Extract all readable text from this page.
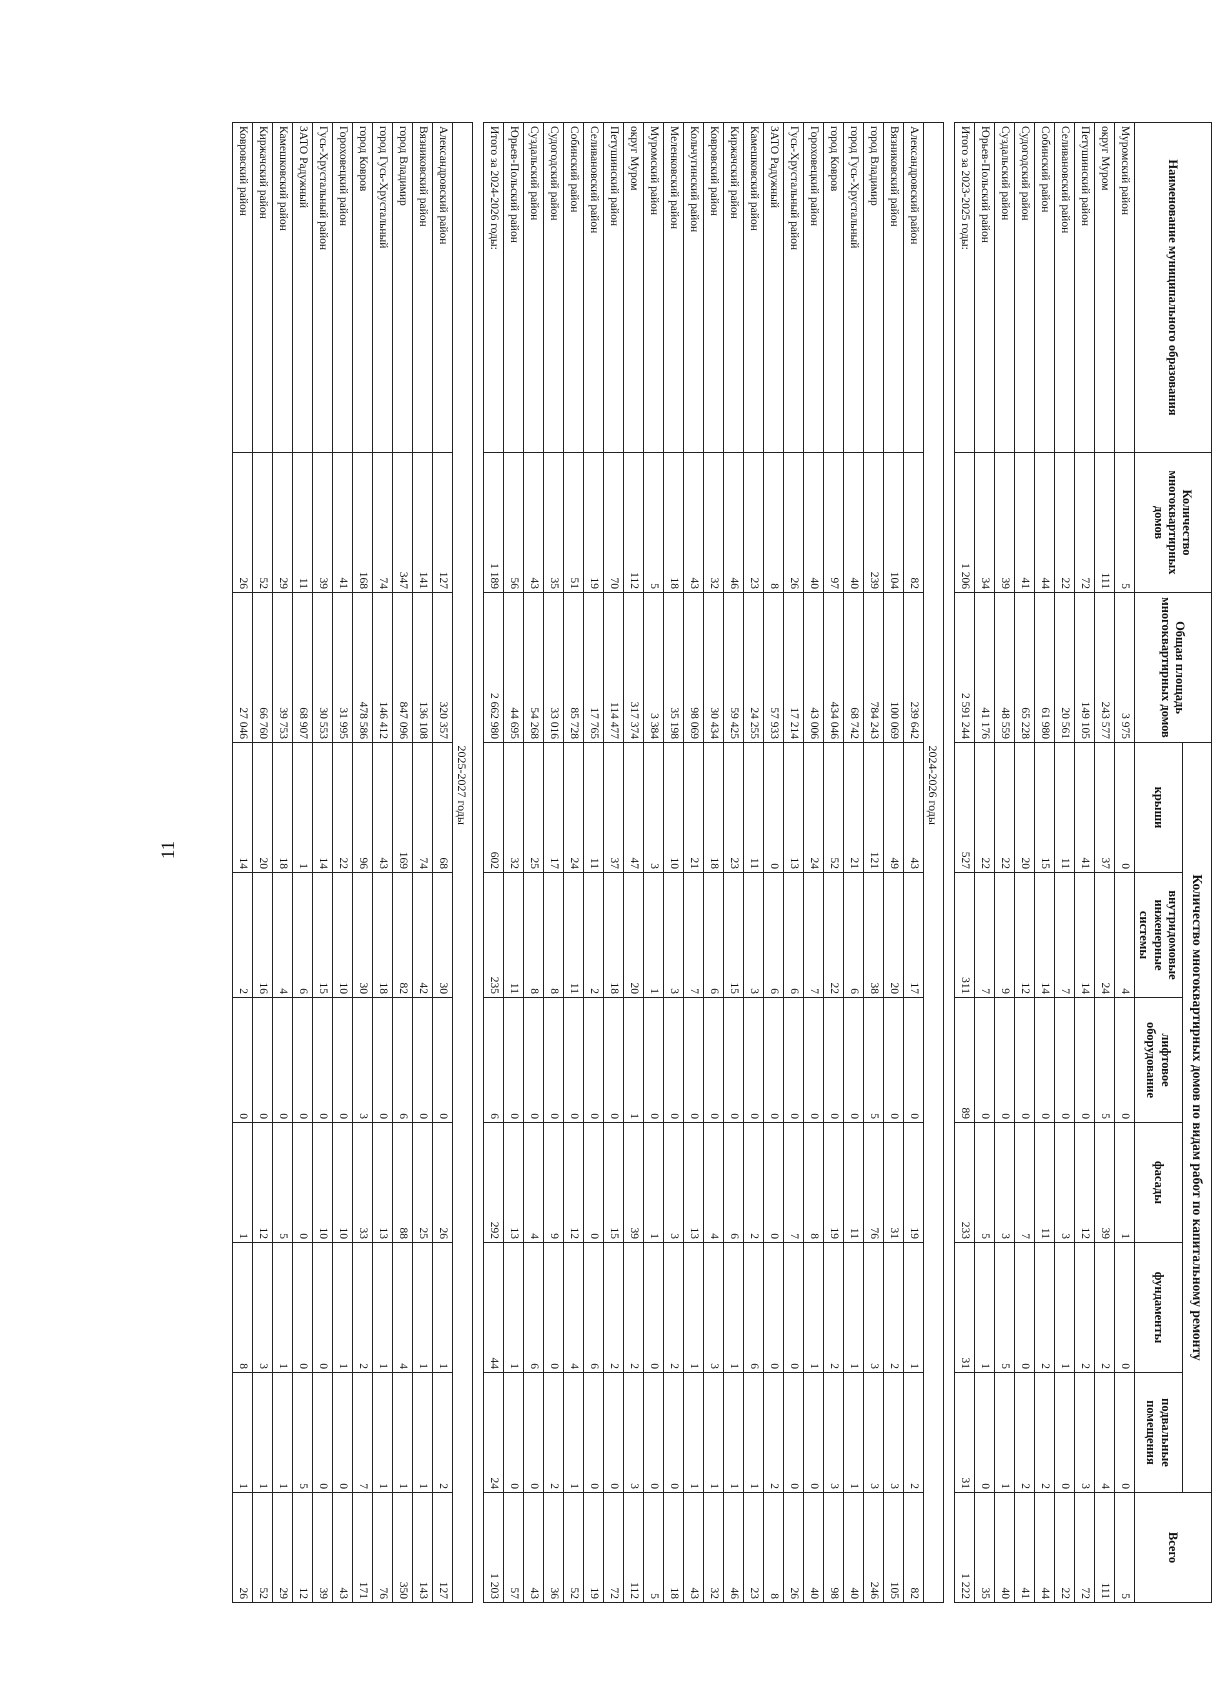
11
Наименование муниципального образования	Количество многоквартирных домов	Общая площадь многоквартирных домов	Количество многоквартирных домов по видам работ по капитальному ремонту						Всего
			крыши	внутридомовые инженерные системы	лифтовое оборудование	фасады	фундаменты	подвальные помещения	
Муромский район	5	3 975	0	4	0	1	0	0	5
округ Муром	111	243 577	37	24	5	39	2	4	111
Петушинский район	72	149 105	41	14	0	12	2	3	72
Селивановский район	22	20 561	11	7	0	3	1	0	22
Собинский район	44	61 980	15	14	0	11	2	2	44
Судогодский район	41	65 228	20	12	0	7	0	2	41
Суздальский район	39	48 559	22	9	0	3	5	1	40
Юрьев-Польский район	34	41 176	22	7	0	5	1	0	35
Итого за 2023-2025 годы:	1 206	2 591 244	527	311	89	233	31	31	1 222

			2024-2026 годы						
Александровский район	82	239 642	43	17	0	19	1	2	82
Вязниковский район	104	100 069	49	20	0	31	2	3	105
город Владимир	239	784 243	121	38	5	76	3	3	246
город Гусь-Хрустальный	40	68 742	21	6	0	11	1	1	40
город Ковров	97	434 046	52	22	0	19	2	3	98
Гороховецкий район	40	43 006	24	7	0	8	1	0	40
Гусь-Хрустальный район	26	17 214	13	6	0	7	0	0	26
ЗАТО Радужный	8	57 933	0	6	0	0	0	2	8
Камешковский район	23	24 255	11	3	0	2	6	1	23
Киржачский район	46	59 425	23	15	0	6	1	1	46
Ковровский район	32	30 434	18	6	0	4	3	1	32
Кольчугинский район	43	98 069	21	7	0	13	1	1	43
Меленковский район	18	35 198	10	3	0	3	2	0	18
Муромский район	5	3 384	3	1	0	1	0	0	5
округ Муром	112	317 374	47	20	1	39	2	3	112
Петушинский район	70	114 477	37	18	0	15	2	0	72
Селивановский район	19	17 765	11	2	0	0	6	0	19
Собинский район	51	85 728	24	11	0	12	4	1	52
Судогодский район	35	33 016	17	8	0	9	0	2	36
Суздальский район	43	54 268	25	8	0	4	6	0	43
Юрьев-Польский район	56	44 695	32	11	0	13	1	0	57
Итого за 2024-2026 годы:	1 189	2 662 980	602	235	6	292	44	24	1 203

			2025-2027 годы						
Александровский район	127	320 357	68	30	0	26	1	2	127
Вязниковский район	141	136 108	74	42	0	25	1	1	143
город Владимир	347	847 096	169	82	6	88	4	1	350
город Гусь-Хрустальный	74	146 412	43	18	0	13	1	1	76
город Ковров	168	478 586	96	30	3	33	2	7	171
Гороховецкий район	41	31 995	22	10	0	10	1	0	43
Гусь-Хрустальный район	39	30 553	14	15	0	10	0	0	39
ЗАТО Радужный	11	68 907	1	6	0	0	0	5	12
Камешковский район	29	39 753	18	4	0	5	1	1	29
Киржачский район	52	66 760	20	16	0	12	3	1	52
Ковровский район	26	27 046	14	2	0	1	8	1	26
